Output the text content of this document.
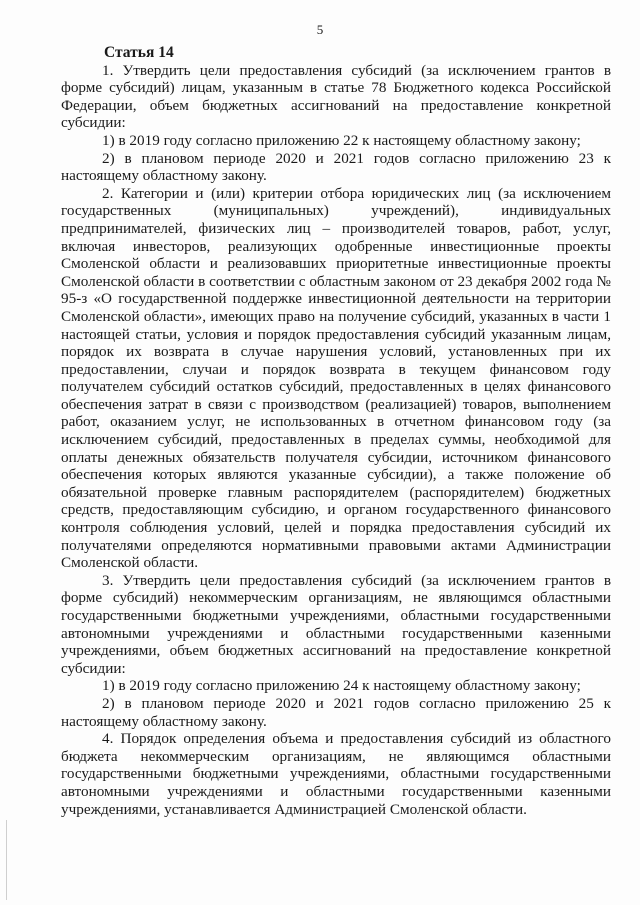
5
Статья 14

1. Утвердить цели предоставления субсидий (за исключением грантов в форме субсидий) лицам, указанным в статье 78 Бюджетного кодекса Российской Федерации, объем бюджетных ассигнований на предоставление конкретной субсидии:

1) в 2019 году согласно приложению 22 к настоящему областному закону;

2) в плановом периоде 2020 и 2021 годов согласно приложению 23 к настоящему областному закону.

2. Категории и (или) критерии отбора юридических лиц (за исключением государственных (муниципальных) учреждений), индивидуальных предпринимателей, физических лиц – производителей товаров, работ, услуг, включая инвесторов, реализующих одобренные инвестиционные проекты Смоленской области и реализовавших приоритетные инвестиционные проекты Смоленской области в соответствии с областным законом от 23 декабря 2002 года № 95-з «О государственной поддержке инвестиционной деятельности на территории Смоленской области», имеющих право на получение субсидий, указанных в части 1 настоящей статьи, условия и порядок предоставления субсидий указанным лицам, порядок их возврата в случае нарушения условий, установленных при их предоставлении, случаи и порядок возврата в текущем финансовом году получателем субсидий остатков субсидий, предоставленных в целях финансового обеспечения затрат в связи с производством (реализацией) товаров, выполнением работ, оказанием услуг, не использованных в отчетном финансовом году (за исключением субсидий, предоставленных в пределах суммы, необходимой для оплаты денежных обязательств получателя субсидии, источником финансового обеспечения которых являются указанные субсидии), а также положение об обязательной проверке главным распорядителем (распорядителем) бюджетных средств, предоставляющим субсидию, и органом государственного финансового контроля соблюдения условий, целей и порядка предоставления субсидий их получателями определяются нормативными правовыми актами Администрации Смоленской области.

3. Утвердить цели предоставления субсидий (за исключением грантов в форме субсидий) некоммерческим организациям, не являющимся областными государственными бюджетными учреждениями, областными государственными автономными учреждениями и областными государственными казенными учреждениями, объем бюджетных ассигнований на предоставление конкретной субсидии:

1) в 2019 году согласно приложению 24 к настоящему областному закону;

2) в плановом периоде 2020 и 2021 годов согласно приложению 25 к настоящему областному закону.

4. Порядок определения объема и предоставления субсидий из областного бюджета некоммерческим организациям, не являющимся областными государственными бюджетными учреждениями, областными государственными автономными учреждениями и областными государственными казенными учреждениями, устанавливается Администрацией Смоленской области.
